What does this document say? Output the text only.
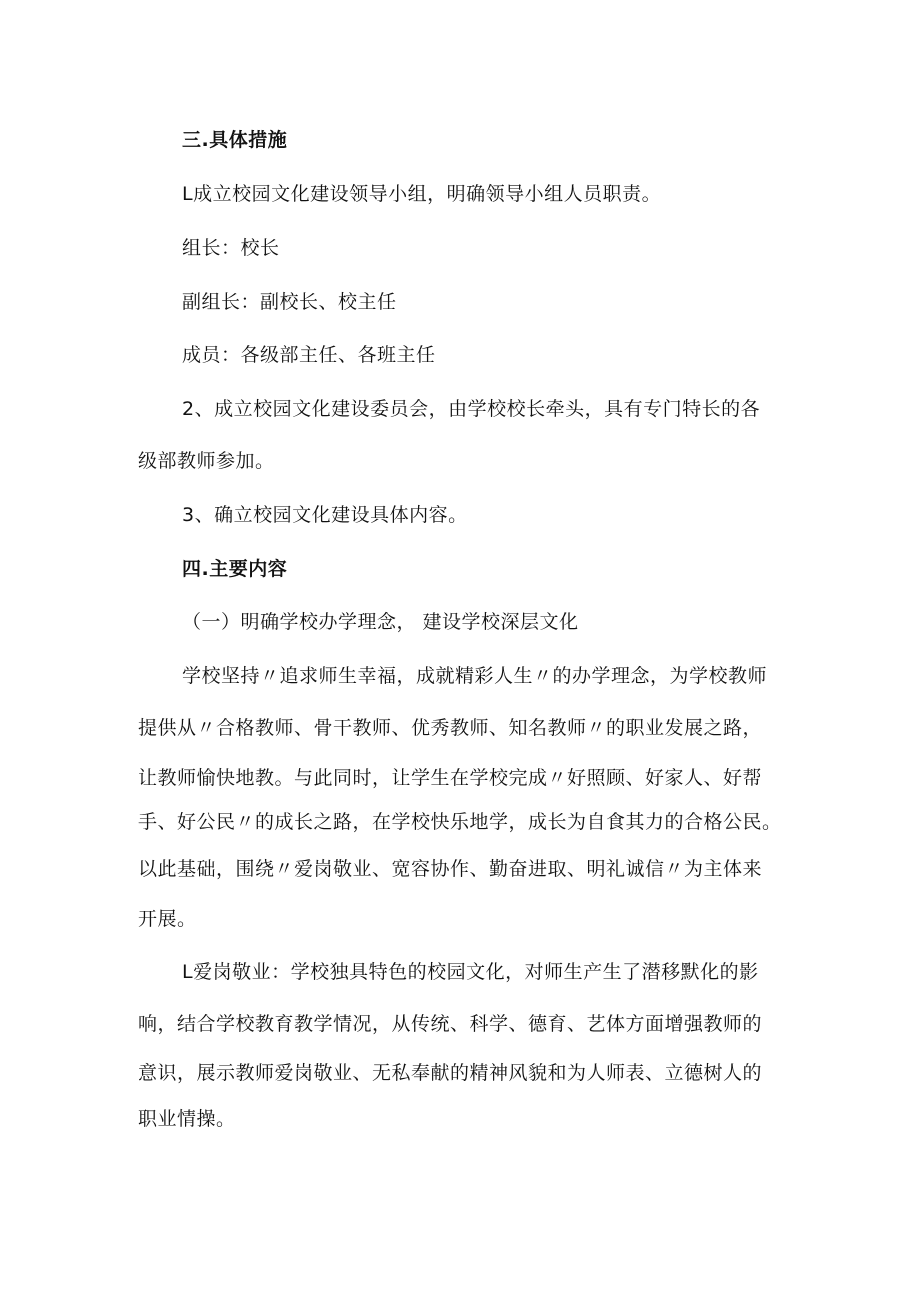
三.具体措施
L成立校园文化建设领导小组，明确领导小组人员职责。
组长：校长
副组长：副校长、校主任
成员：各级部主任、各班主任
2、成立校园文化建设委员会，由学校校长牵头，具有专门特长的各
级部教师参加。
3、确立校园文化建设具体内容。
四.主要内容
（一）明确学校办学理念， 建设学校深层文化
学校坚持〃追求师生幸福，成就精彩人生〃的办学理念，为学校教师
提供从〃合格教师、骨干教师、优秀教师、知名教师〃的职业发展之路，
让教师愉快地教。与此同时，让学生在学校完成〃好照顾、好家人、好帮
手、好公民〃的成长之路，在学校快乐地学，成长为自食其力的合格公民。
以此基础，围绕〃爱岗敬业、宽容协作、勤奋进取、明礼诚信〃为主体来
开展。
L爱岗敬业：学校独具特色的校园文化，对师生产生了潜移默化的影
响，结合学校教育教学情况，从传统、科学、德育、艺体方面增强教师的
意识，展示教师爱岗敬业、无私奉献的精神风貌和为人师表、立德树人的
职业情操。
